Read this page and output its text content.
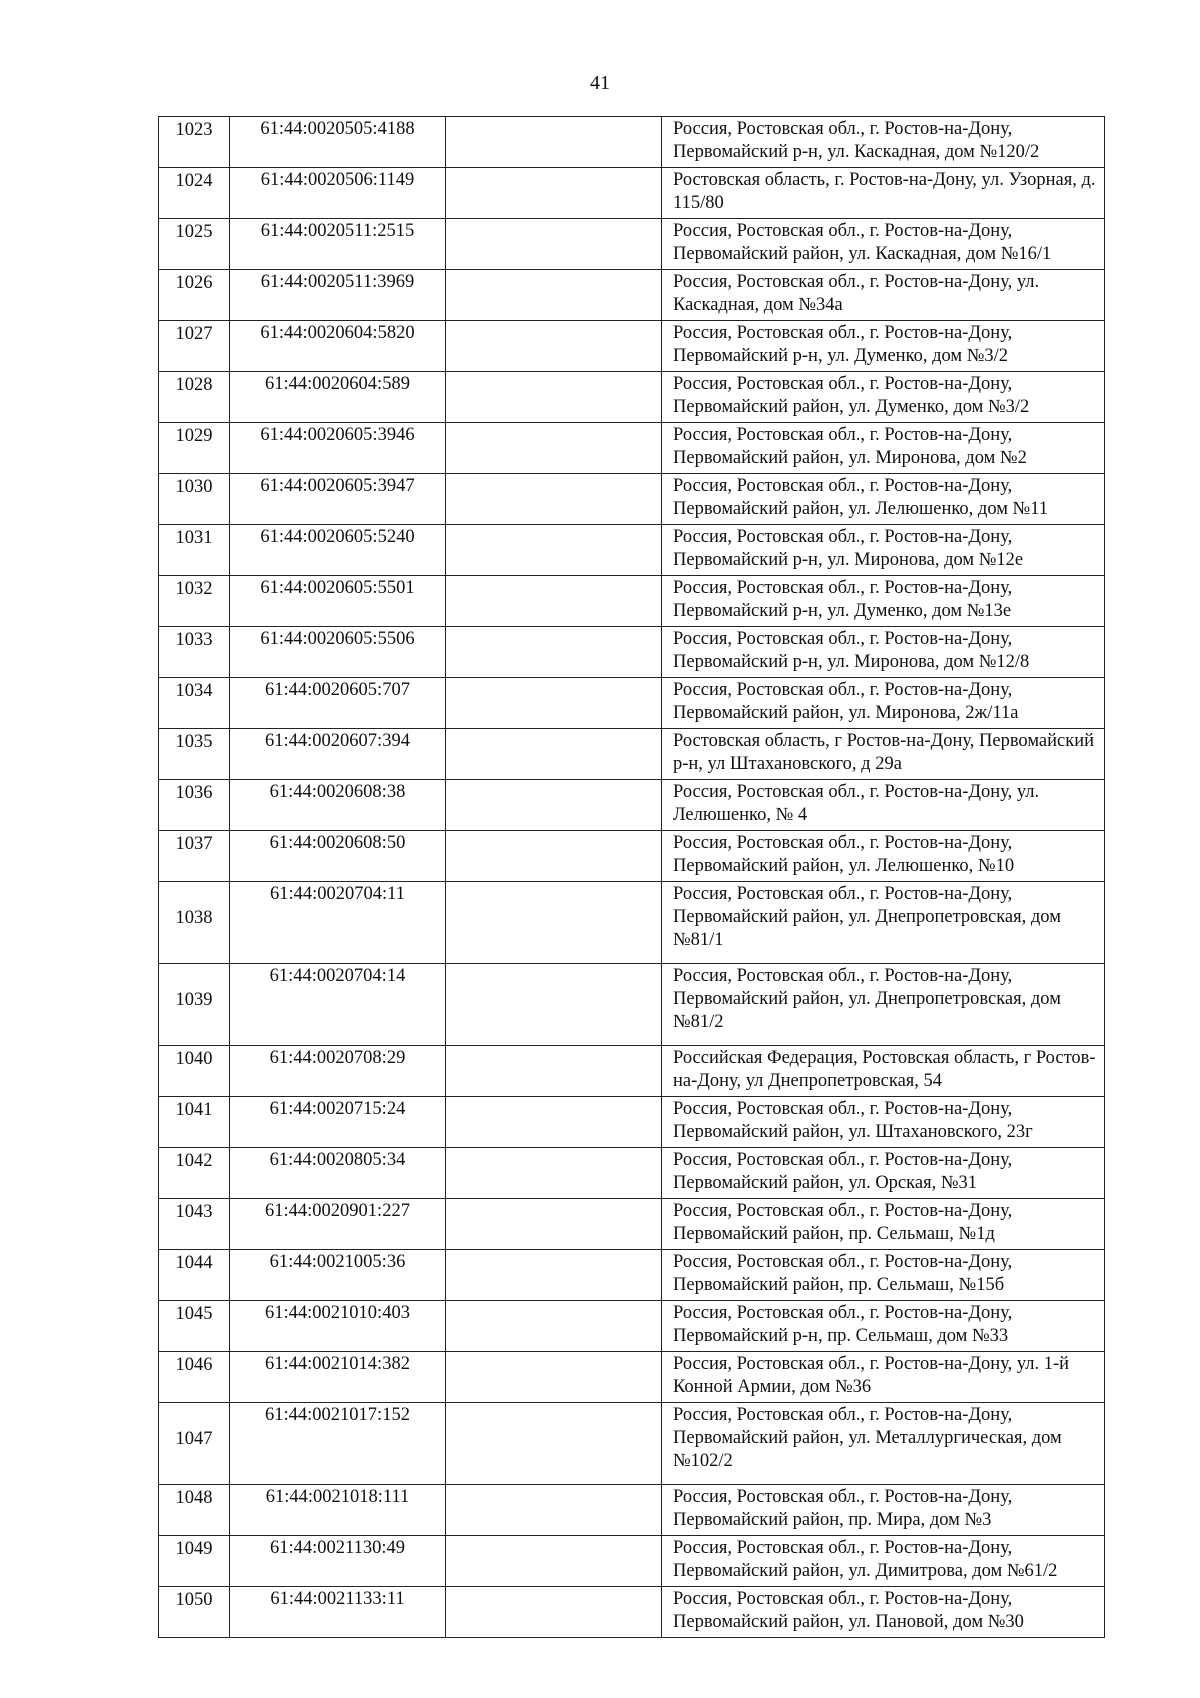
41
1023	61:44:0020505:4188		Россия, Ростовская обл., г. Ростов-на-Дону, Первомайский р-н, ул. Каскадная, дом №120/2
1024	61:44:0020506:1149		Ростовская область, г. Ростов-на-Дону, ул. Узорная, д. 115/80
1025	61:44:0020511:2515		Россия, Ростовская обл., г. Ростов-на-Дону, Первомайский район, ул. Каскадная, дом №16/1
1026	61:44:0020511:3969		Россия, Ростовская обл., г. Ростов-на-Дону, ул. Каскадная, дом №34а
1027	61:44:0020604:5820		Россия, Ростовская обл., г. Ростов-на-Дону, Первомайский р-н, ул. Думенко, дом №3/2
1028	61:44:0020604:589		Россия, Ростовская обл., г. Ростов-на-Дону, Первомайский район, ул. Думенко, дом №3/2
1029	61:44:0020605:3946		Россия, Ростовская обл., г. Ростов-на-Дону, Первомайский район, ул. Миронова, дом №2
1030	61:44:0020605:3947		Россия, Ростовская обл., г. Ростов-на-Дону, Первомайский район, ул. Лелюшенко, дом №11
1031	61:44:0020605:5240		Россия, Ростовская обл., г. Ростов-на-Дону, Первомайский р-н, ул. Миронова, дом №12е
1032	61:44:0020605:5501		Россия, Ростовская обл., г. Ростов-на-Дону, Первомайский р-н, ул. Думенко, дом №13е
1033	61:44:0020605:5506		Россия, Ростовская обл., г. Ростов-на-Дону, Первомайский р-н, ул. Миронова, дом №12/8
1034	61:44:0020605:707		Россия, Ростовская обл., г. Ростов-на-Дону, Первомайский район, ул. Миронова, 2ж/11а
1035	61:44:0020607:394		Ростовская область, г Ростов-на-Дону, Первомайский р-н, ул Штахановского, д 29а
1036	61:44:0020608:38		Россия, Ростовская обл., г. Ростов-на-Дону, ул. Лелюшенко, № 4
1037	61:44:0020608:50		Россия, Ростовская обл., г. Ростов-на-Дону, Первомайский район, ул. Лелюшенко, №10
1038	61:44:0020704:11		Россия, Ростовская обл., г. Ростов-на-Дону, Первомайский район, ул. Днепропетровская, дом №81/1
1039	61:44:0020704:14		Россия, Ростовская обл., г. Ростов-на-Дону, Первомайский район, ул. Днепропетровская, дом №81/2
1040	61:44:0020708:29		Российская Федерация, Ростовская область, г Ростов-на-Дону, ул Днепропетровская, 54
1041	61:44:0020715:24		Россия, Ростовская обл., г. Ростов-на-Дону, Первомайский район, ул. Штахановского, 23г
1042	61:44:0020805:34		Россия, Ростовская обл., г. Ростов-на-Дону, Первомайский район, ул. Орская, №31
1043	61:44:0020901:227		Россия, Ростовская обл., г. Ростов-на-Дону, Первомайский район, пр. Сельмаш, №1д
1044	61:44:0021005:36		Россия, Ростовская обл., г. Ростов-на-Дону, Первомайский район, пр. Сельмаш, №15б
1045	61:44:0021010:403		Россия, Ростовская обл., г. Ростов-на-Дону, Первомайский р-н, пр. Сельмаш, дом №33
1046	61:44:0021014:382		Россия, Ростовская обл., г. Ростов-на-Дону, ул. 1-й Конной Армии, дом №36
1047	61:44:0021017:152		Россия, Ростовская обл., г. Ростов-на-Дону, Первомайский район, ул. Металлургическая, дом №102/2
1048	61:44:0021018:111		Россия, Ростовская обл., г. Ростов-на-Дону, Первомайский район, пр. Мира, дом №3
1049	61:44:0021130:49		Россия, Ростовская обл., г. Ростов-на-Дону, Первомайский район, ул. Димитрова, дом №61/2
1050	61:44:0021133:11		Россия, Ростовская обл., г. Ростов-на-Дону, Первомайский район, ул. Пановой, дом №30
